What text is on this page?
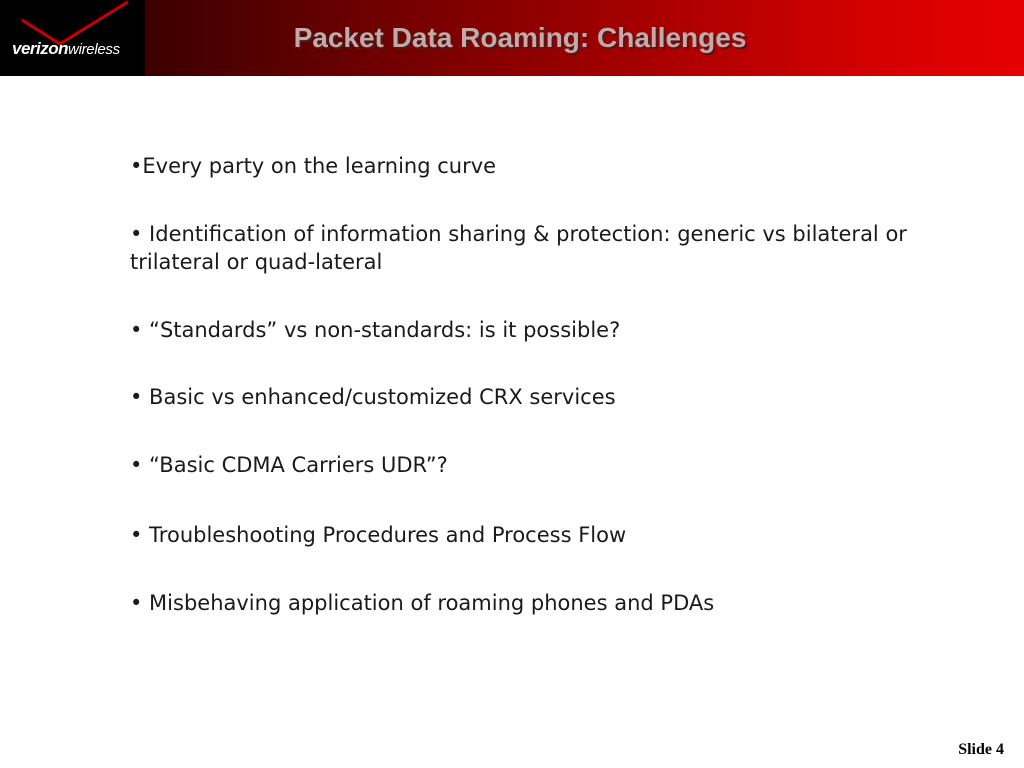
verizonwireless	Packet Data Roaming: Challenges
•Every party on the learning curve
• Identification of information sharing & protection: generic vs bilateral or trilateral or quad-lateral
• “Standards” vs non-standards: is it possible?
• Basic vs enhanced/customized CRX services
• “Basic CDMA Carriers UDR”?
• Troubleshooting Procedures and Process Flow
• Misbehaving application of roaming phones and PDAs
Slide 4
